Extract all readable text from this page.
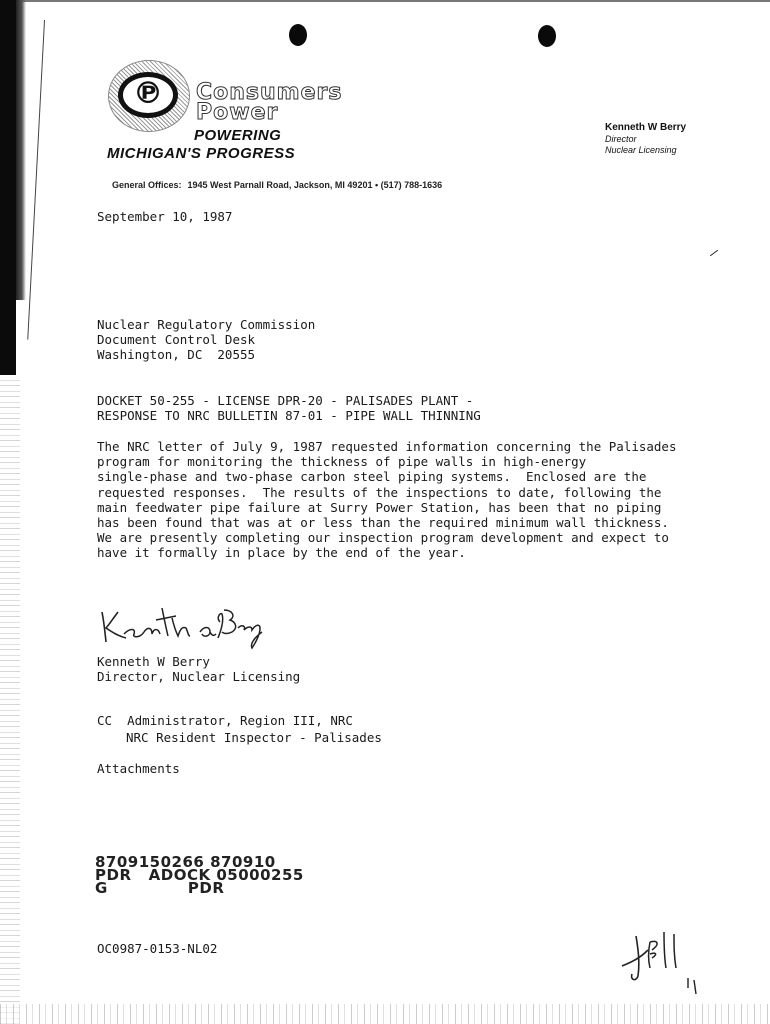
℗	Consumers
Power
POWERING
MICHIGAN'S PROGRESS
General Offices: 1945 West Parnall Road, Jackson, MI 49201 • (517) 788-1636
Kenneth W Berry
Director
Nuclear Licensing
September 10, 1987
Nuclear Regulatory Commission
Document Control Desk
Washington, DC  20555
DOCKET 50-255 - LICENSE DPR-20 - PALISADES PLANT -
RESPONSE TO NRC BULLETIN 87-01 - PIPE WALL THINNING
The NRC letter of July 9, 1987 requested information concerning the Palisades
program for monitoring the thickness of pipe walls in high-energy
single-phase and two-phase carbon steel piping systems.  Enclosed are the
requested responses.  The results of the inspections to date, following the
main feedwater pipe failure at Surry Power Station, has been that no piping
has been found that was at or less than the required minimum wall thickness.
We are presently completing our inspection program development and expect to
have it formally in place by the end of the year.
Kenneth W Berry
Director, Nuclear Licensing
CC Administrator, Region III, NRC
NRC Resident Inspector - Palisades
Attachments
8709150266 870910
PDR   ADOCK 05000255
G              PDR
OC0987-0153-NL02
